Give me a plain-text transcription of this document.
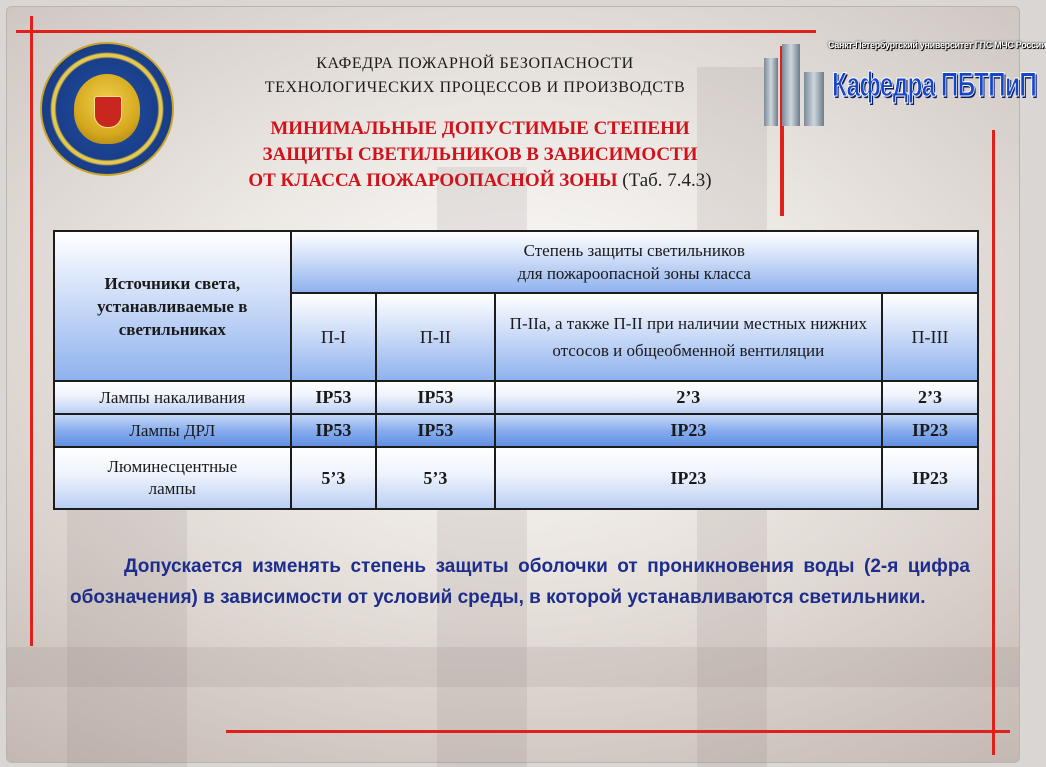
КАФЕДРА ПОЖАРНОЙ БЕЗОПАСНОСТИ
ТЕХНОЛОГИЧЕСКИХ ПРОЦЕССОВ И ПРОИЗВОДСТВ
Санкт-Петербургский университет ГПС МЧС России
Кафедра ПБТПиП
МИНИМАЛЬНЫЕ ДОПУСТИМЫЕ СТЕПЕНИ
ЗАЩИТЫ СВЕТИЛЬНИКОВ В ЗАВИСИМОСТИ
ОТ КЛАССА ПОЖАРООПАСНОЙ ЗОНЫ (Таб. 7.4.3)
Источники света, устанавливаемые в светильниках	Степень защиты светильников
для пожароопасной зоны класса			

	П-I	П-II	П-IIа, а также П-II при наличии местных нижних отсосов и общеобменной вентиляции	П-III
Лампы накаливания	IP53	IP53	2’3	2’3
Лампы ДРЛ	IP53	IP53	IP23	IP23
Люминесцентные лампы	5’3	5’3	IP23	IP23
Допускается изменять степень защиты оболочки от проникновения воды (2-я цифра обозначения) в зависимости от условий среды, в которой устанавливаются светильники.
